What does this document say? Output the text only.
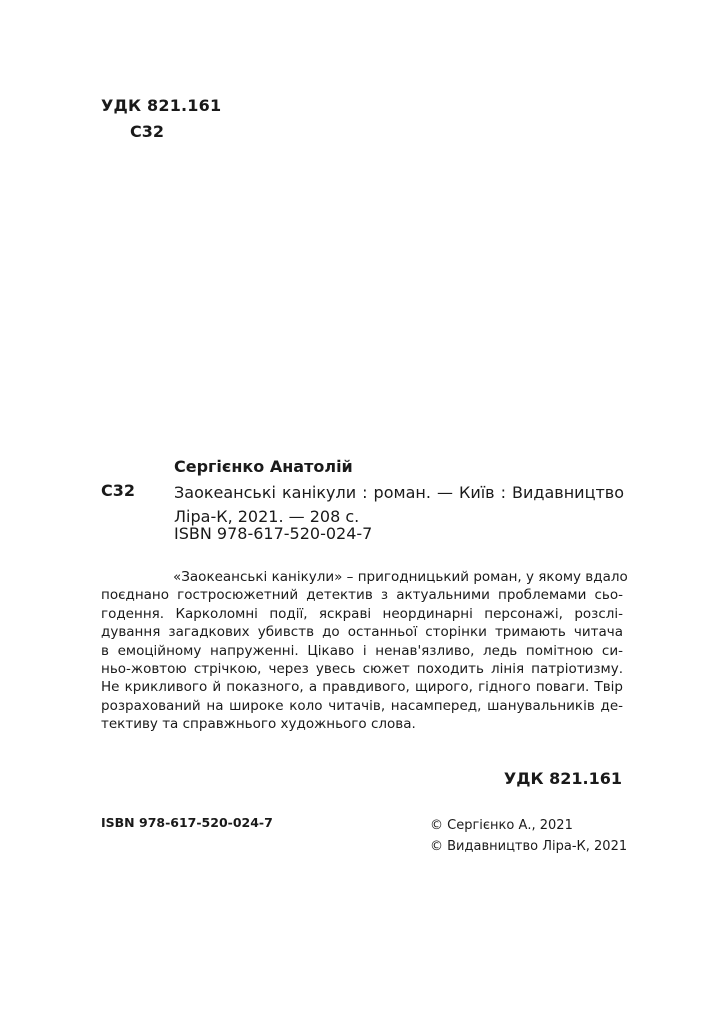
УДК 821.161
С32
Сергієнко Анатолій
С32 Заокеанські канікули : роман. — Київ : Видавництво
Ліра-К, 2021. — 208 с.
ISBN 978-617-520-024-7
«Заокеанські канікули» – пригодницький роман, у якому вдало
поєднано гостросюжетний детектив з актуальними проблемами сьо-
годення. Карколомні події, яскраві неординарні персонажі, розслі-
дування загадкових убивств до останньої сторінки тримають читача
в емоційному напруженні. Цікаво і ненав'язливо, ледь помітною си-
ньо-жовтою стрічкою, через увесь сюжет походить лінія патріотизму.
Не крикливого й показного, а правдивого, щирого, гідного поваги. Твір
розрахований на широке коло читачів, насамперед, шанувальників де-
тективу та справжнього художнього слова.
УДК 821.161
ISBN 978-617-520-024-7	© Сергієнко А., 2021
© Видавництво Ліра-К, 2021
